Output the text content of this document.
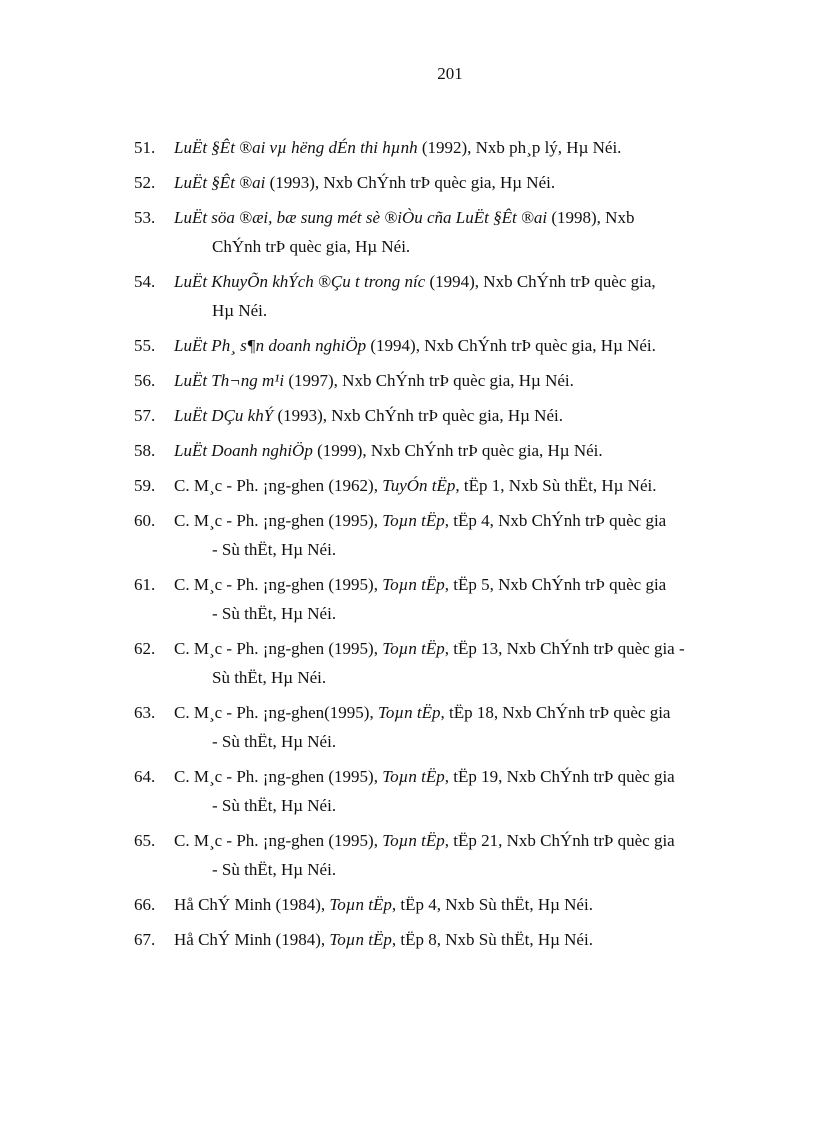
201
51.	LuËt §Êt ®ai vµ hëng dÉn thi hµnh (1992), Nxb ph¸p lý, Hµ Néi.
52.	LuËt §Êt ®ai (1993), Nxb ChÝnh trÞ quèc gia, Hµ Néi.
53.	LuËt söa ®æi, bæ sung mét sè ®iÒu cña LuËt §Êt ®ai (1998), Nxb
ChÝnh trÞ quèc gia, Hµ Néi.
54.	LuËt KhuyÕn khÝch ®Çu t trong níc (1994), Nxb ChÝnh trÞ quèc gia,
Hµ Néi.
55.	LuËt Ph¸ s¶n doanh nghiÖp (1994), Nxb ChÝnh trÞ quèc gia, Hµ Néi.
56.	LuËt Th¬ng m¹i (1997), Nxb ChÝnh trÞ quèc gia, Hµ Néi.
57.	LuËt DÇu khÝ (1993), Nxb ChÝnh trÞ quèc gia, Hµ Néi.
58.	LuËt Doanh nghiÖp (1999), Nxb ChÝnh trÞ quèc gia, Hµ Néi.
59.	C. M¸c - Ph. ¡ng-ghen (1962), TuyÓn tËp, tËp 1, Nxb Sù thËt, Hµ Néi.
60.	C. M¸c - Ph. ¡ng-ghen (1995), Toµn tËp, tËp 4, Nxb ChÝnh trÞ quèc gia
- Sù thËt, Hµ Néi.
61.	C. M¸c - Ph. ¡ng-ghen (1995), Toµn tËp, tËp 5, Nxb ChÝnh trÞ quèc gia
- Sù thËt, Hµ Néi.
62.	C. M¸c - Ph. ¡ng-ghen (1995), Toµn tËp, tËp 13, Nxb ChÝnh trÞ quèc gia -
Sù thËt, Hµ Néi.
63.	C. M¸c - Ph. ¡ng-ghen(1995), Toµn tËp, tËp 18, Nxb ChÝnh trÞ quèc gia
- Sù thËt, Hµ Néi.
64.	C. M¸c - Ph. ¡ng-ghen (1995), Toµn tËp, tËp 19, Nxb ChÝnh trÞ quèc gia
- Sù thËt, Hµ Néi.
65.	C. M¸c - Ph. ¡ng-ghen (1995), Toµn tËp, tËp 21, Nxb ChÝnh trÞ quèc gia
- Sù thËt, Hµ Néi.
66.	Hå ChÝ Minh (1984), Toµn tËp, tËp 4, Nxb Sù thËt, Hµ Néi.
67.	Hå ChÝ Minh (1984), Toµn tËp, tËp 8, Nxb Sù thËt, Hµ Néi.
